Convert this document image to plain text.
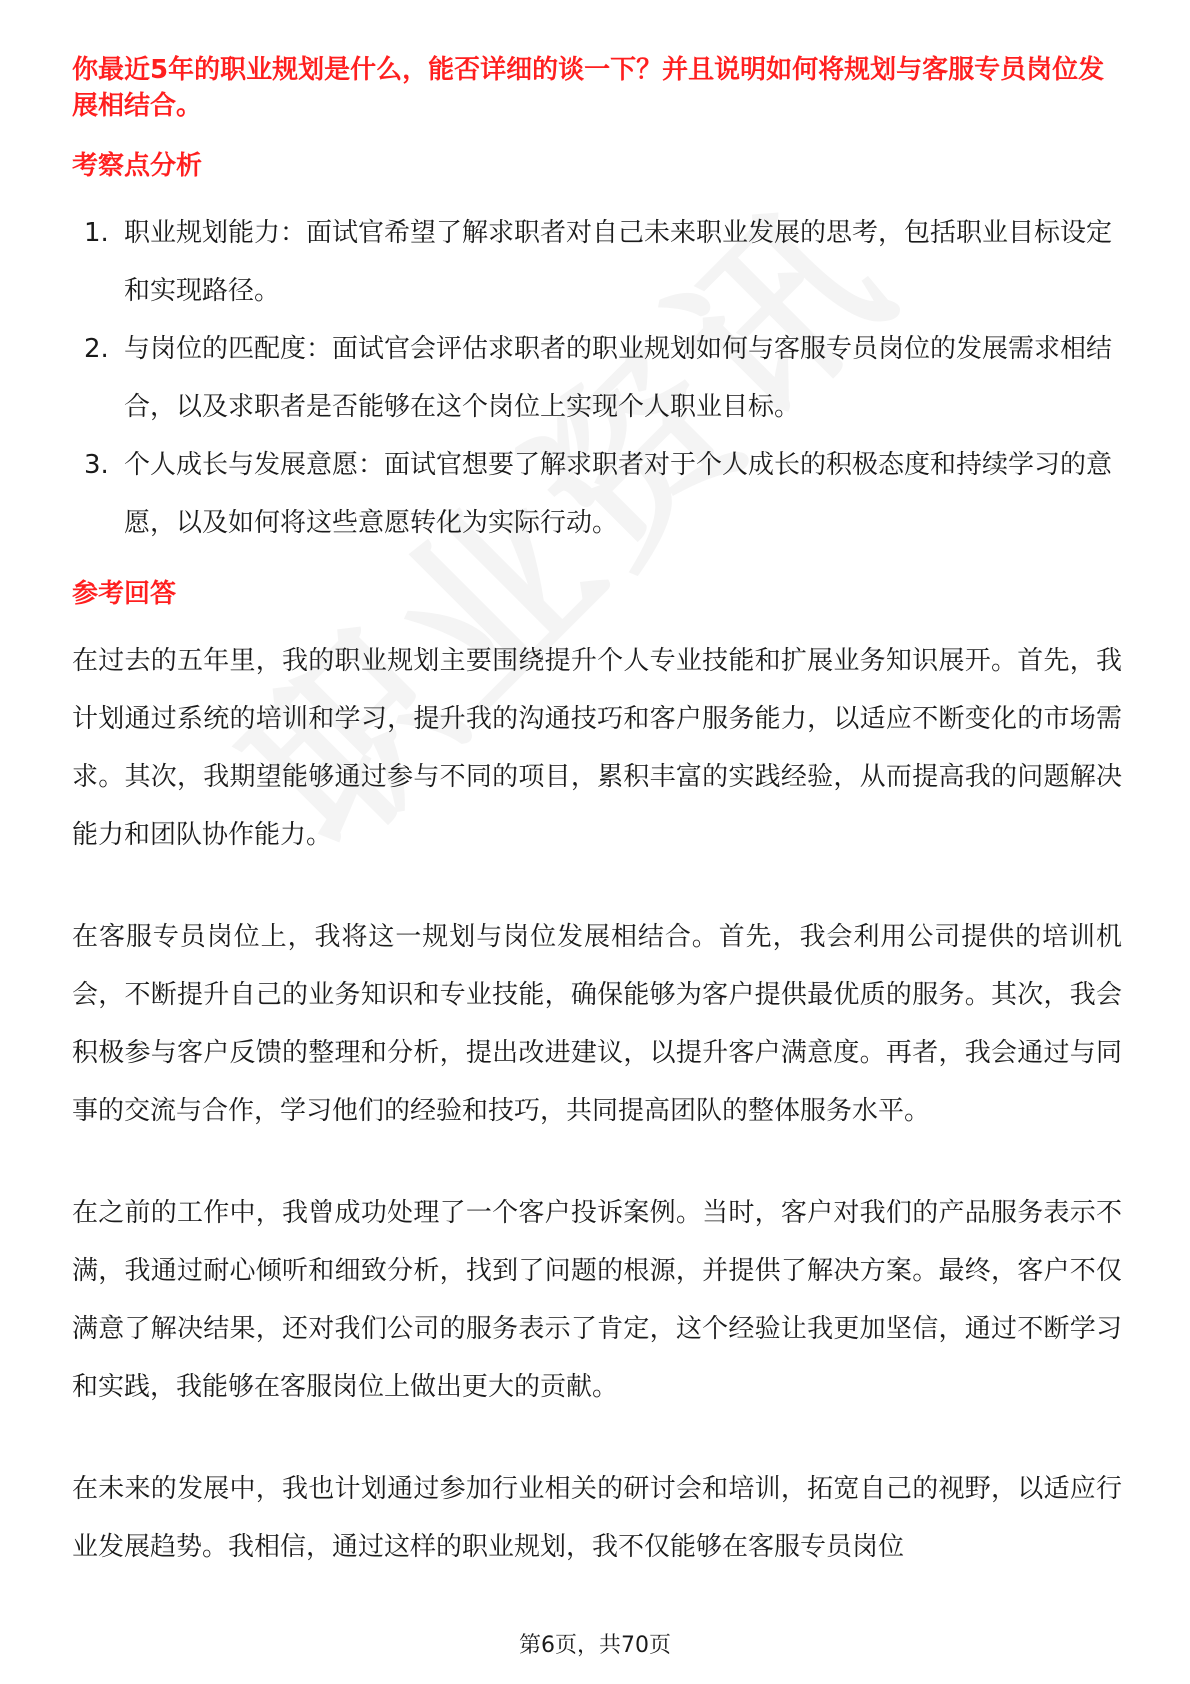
你最近5年的职业规划是什么，能否详细的谈一下？并且说明如何将规划与客服专员岗位发展相结合。

考察点分析
1. 职业规划能力：面试官希望了解求职者对自己未来职业发展的思考，包括职业目标设定和实现路径。
2. 与岗位的匹配度：面试官会评估求职者的职业规划如何与客服专员岗位的发展需求相结合，以及求职者是否能够在这个岗位上实现个人职业目标。
3. 个人成长与发展意愿：面试官想要了解求职者对于个人成长的积极态度和持续学习的意愿，以及如何将这些意愿转化为实际行动。
参考回答

在过去的五年里，我的职业规划主要围绕提升个人专业技能和扩展业务知识展开。首先，我计划通过系统的培训和学习，提升我的沟通技巧和客户服务能力，以适应不断变化的市场需求。其次，我期望能够通过参与不同的项目，累积丰富的实践经验，从而提高我的问题解决能力和团队协作能力。

在客服专员岗位上，我将这一规划与岗位发展相结合。首先，我会利用公司提供的培训机会，不断提升自己的业务知识和专业技能，确保能够为客户提供最优质的服务。其次，我会积极参与客户反馈的整理和分析，提出改进建议，以提升客户满意度。再者，我会通过与同事的交流与合作，学习他们的经验和技巧，共同提高团队的整体服务水平。

在之前的工作中，我曾成功处理了一个客户投诉案例。当时，客户对我们的产品服务表示不满，我通过耐心倾听和细致分析，找到了问题的根源，并提供了解决方案。最终，客户不仅满意了解决结果，还对我们公司的服务表示了肯定，这个经验让我更加坚信，通过不断学习和实践，我能够在客服岗位上做出更大的贡献。

在未来的发展中，我也计划通过参加行业相关的研讨会和培训，拓宽自己的视野，以适应行业发展趋势。我相信，通过这样的职业规划，我不仅能够在客服专员岗位

第6页，共70页
